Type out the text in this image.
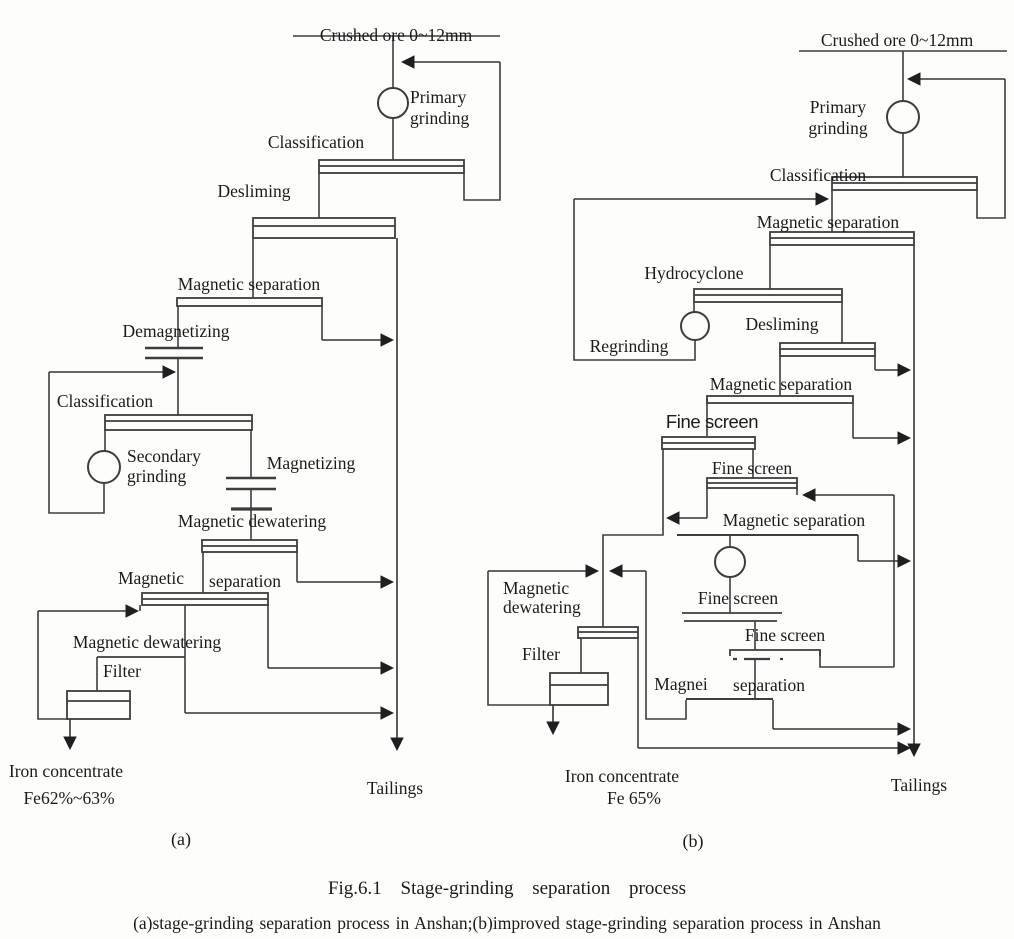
Crushed ore 0~12mm
Primary
grinding
Classification
Desliming
Magnetic separation
Demagnetizing
Classification
Secondary
grinding
Magnetizing
Magnetic dewatering
Magnetic separation
Magnetic dewatering
Filter
Iron concentrate
Fe62%~63%	Tailings
(a)
Crushed ore 0~12mm
Primary
grinding
Classification
Magnetic separation
Hydrocyclone
Desliming
Regrinding
Magnetic separation
Fine screen
Fine screen
Magnetic separation
Fine screen
Fine screen
Magnei separation
Magnetic
dewatering
Filter
Iron concentrate
Fe 65%
Tailings
(b)
Fig.6.1 Stage-grinding separation process
(a)stage-grinding separation process in Anshan;(b)improved stage-grinding separation process in Anshan
